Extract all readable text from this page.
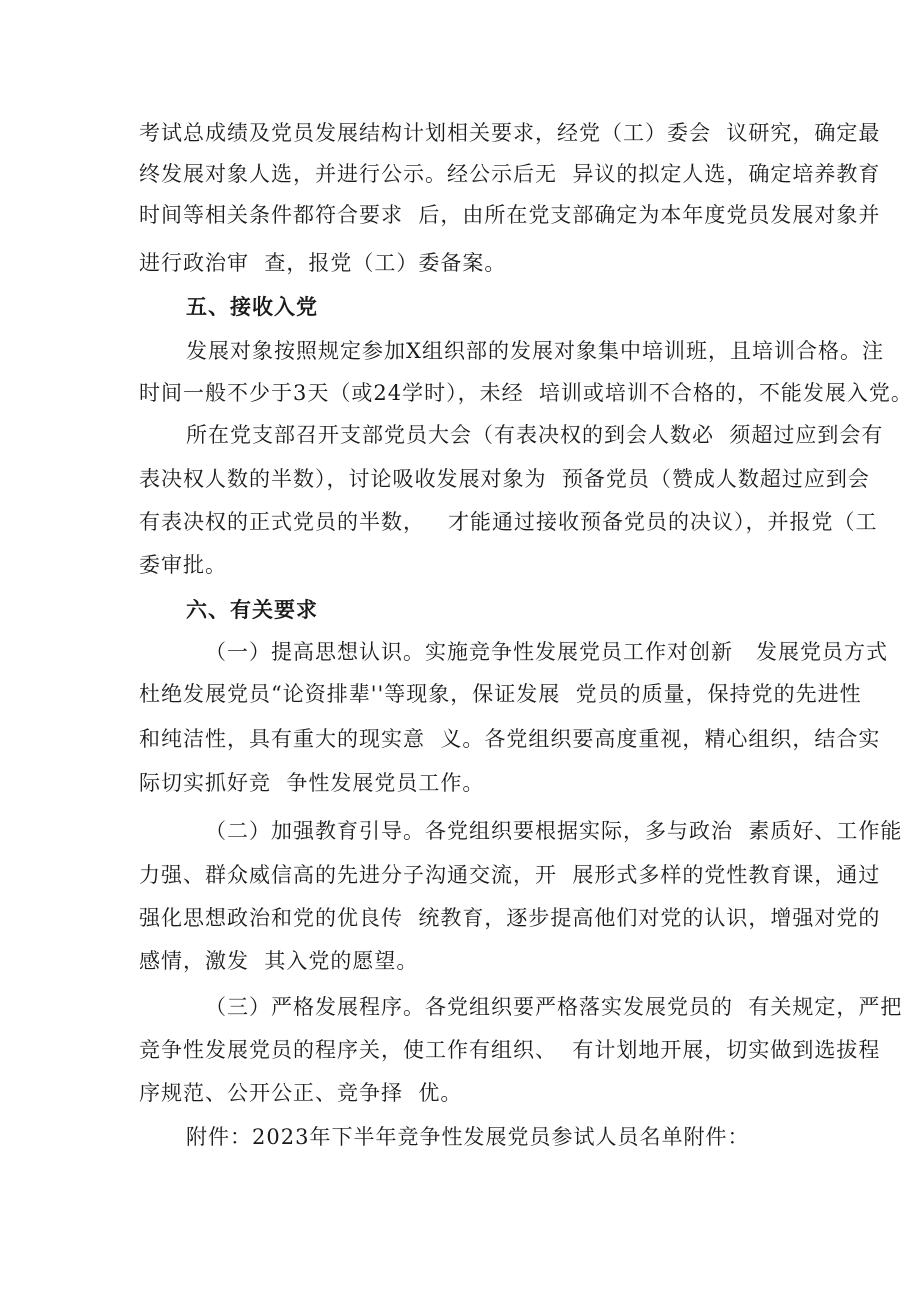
考试总成绩及党员发展结构计划相关要求，经党（工）委会  议研究，确定最
终发展对象人选，并进行公示。经公示后无  异议的拟定人选，确定培养教育
时间等相关条件都符合要求  后，由所在党支部确定为本年度党员发展对象并
进行政治审  查，报党（工）委备案。
五、接收入党
发展对象按照规定参加X组织部的发展对象集中培训班，且培训合格。注
时间一般不少于3天（或24学时），未经  培训或培训不合格的，不能发展入党。
所在党支部召开支部党员大会（有表决权的到会人数必  须超过应到会有
表决权人数的半数），讨论吸收发展对象为  预备党员（赞成人数超过应到会
有表决权的正式党员的半数，   才能通过接收预备党员的决议），并报党（工
委审批。
六、有关要求
（一）提高思想认识。实施竞争性发展党员工作对创新   发展党员方式
杜绝发展党员“论资排辈''等现象，保证发展  党员的质量，保持党的先进性
和纯洁性，具有重大的现实意  义。各党组织要高度重视，精心组织，结合实
际切实抓好竞  争性发展党员工作。
（二）加强教育引导。各党组织要根据实际，多与政治  素质好、工作能
力强、群众威信高的先进分子沟通交流，开  展形式多样的党性教育课，通过
强化思想政治和党的优良传  统教育，逐步提高他们对党的认识，增强对党的
感情，激发  其入党的愿望。
（三）严格发展程序。各党组织要严格落实发展党员的  有关规定，严把
竞争性发展党员的程序关，使工作有组织、  有计划地开展，切实做到选拔程
序规范、公开公正、竞争择  优。
附件：2023年下半年竞争性发展党员参试人员名单附件：
